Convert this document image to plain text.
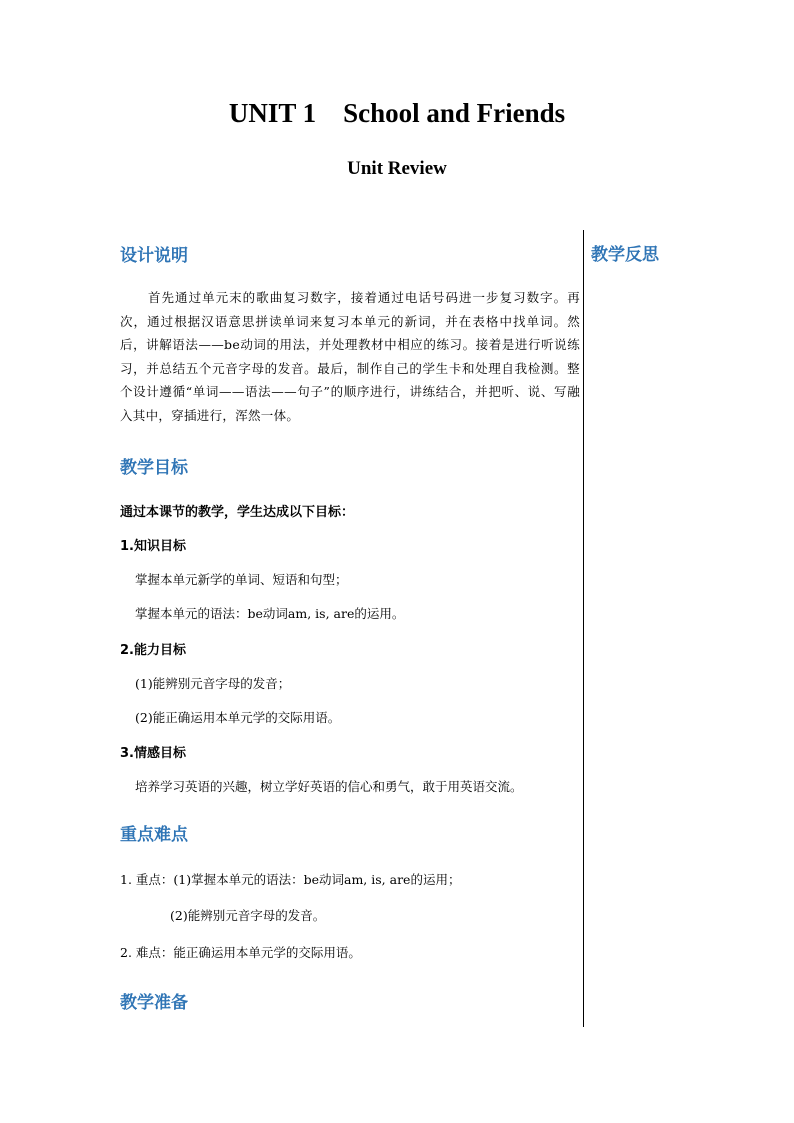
UNIT 1    School and Friends
Unit Review
教学反思
设计说明
首先通过单元末的歌曲复习数字，接着通过电话号码进一步复习数字。再次，通过根据汉语意思拼读单词来复习本单元的新词，并在表格中找单词。然后，讲解语法——be动词的用法，并处理教材中相应的练习。接着是进行听说练习，并总结五个元音字母的发音。最后，制作自己的学生卡和处理自我检测。整个设计遵循“单词——语法——句子”的顺序进行，讲练结合，并把听、说、写融入其中，穿插进行，浑然一体。
教学目标
通过本课节的教学，学生达成以下目标：
1.知识目标
掌握本单元新学的单词、短语和句型；
掌握本单元的语法：be动词am, is, are的运用。
2.能力目标
(1)能辨别元音字母的发音；
(2)能正确运用本单元学的交际用语。
3.情感目标
培养学习英语的兴趣，树立学好英语的信心和勇气，敢于用英语交流。
重点难点
1. 重点：(1)掌握本单元的语法：be动词am, is, are的运用；
(2)能辨别元音字母的发音。
2. 难点：能正确运用本单元学的交际用语。
教学准备
